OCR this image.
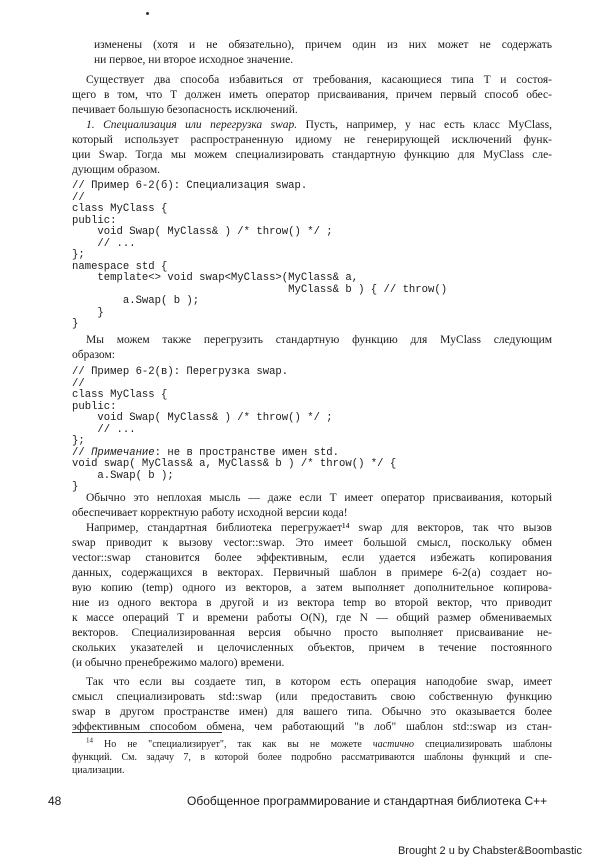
изменены (хотя и не обязательно), причем один из них может не содержать
ни первое, ни второе исходное значение.
Существует два способа избавиться от требования, касающиеся типа T и состоя-
щего в том, что T должен иметь оператор присваивания, причем первый способ обес-
печивает большую безопасность исключений.
1. Специализация или перегрузка swap. Пусть, например, у нас есть класс MyClass,
который использует распространенную идиому не генерирующей исключений функ-
ции Swap. Тогда мы можем специализировать стандартную функцию для MyClass сле-
дующим образом.
// Пример 6-2(б): Специализация swap.
//
class MyClass {
public:
void Swap( MyClass& ) /* throw() */ ;
// ...
};
namespace std {
template<> void swap<MyClass>(MyClass& a,
MyClass& b ) { // throw()
a.Swap( b );
}
}
Мы можем также перегрузить стандартную функцию для MyClass следующим
образом:
// Пример 6-2(в): Перегрузка swap.
//
class MyClass {
public:
void Swap( MyClass& ) /* throw() */ ;
// ...
};
// Примечание: не в пространстве имен std.
void swap( MyClass& a, MyClass& b ) /* throw() */ {
a.Swap( b );
}
Обычно это неплохая мысль — даже если T имеет оператор присваивания, который
обеспечивает корректную работу исходной версии кода!
Например, стандартная библиотека перегружает¹⁴ swap для векторов, так что вызов
swap приводит к вызову vector::swap. Это имеет большой смысл, поскольку обмен
vector::swap становится более эффективным, если удается избежать копирования
данных, содержащихся в векторах. Первичный шаблон в примере 6-2(а) создает но-
вую копию (temp) одного из векторов, а затем выполняет дополнительное копирова-
ние из одного вектора в другой и из вектора temp во второй вектор, что приводит
к массе операций T и времени работы O(N), где N — общий размер обмениваемых
векторов. Специализированная версия обычно просто выполняет присваивание не-
скольких указателей и целочисленных объектов, причем в течение постоянного
(и обычно пренебрежимо малого) времени.
Так что если вы создаете тип, в котором есть операция наподобие swap, имеет
смысл специализировать std::swap (или предоставить свою собственную функцию
swap в другом пространстве имен) для вашего типа. Обычно это оказывается более
эффективным способом обмена, чем работающий "в лоб" шаблон std::swap из стан-
$^{14}$ Но не "специализирует", так как вы не можете частично специализировать шаблоны
функций. См. задачу 7, в которой более подробно рассматриваются шаблоны функций и спе-
циализации.
48	Обобщенное программирование и стандартная библиотека C++
Brought 2 u by Chabster&Boombastic
